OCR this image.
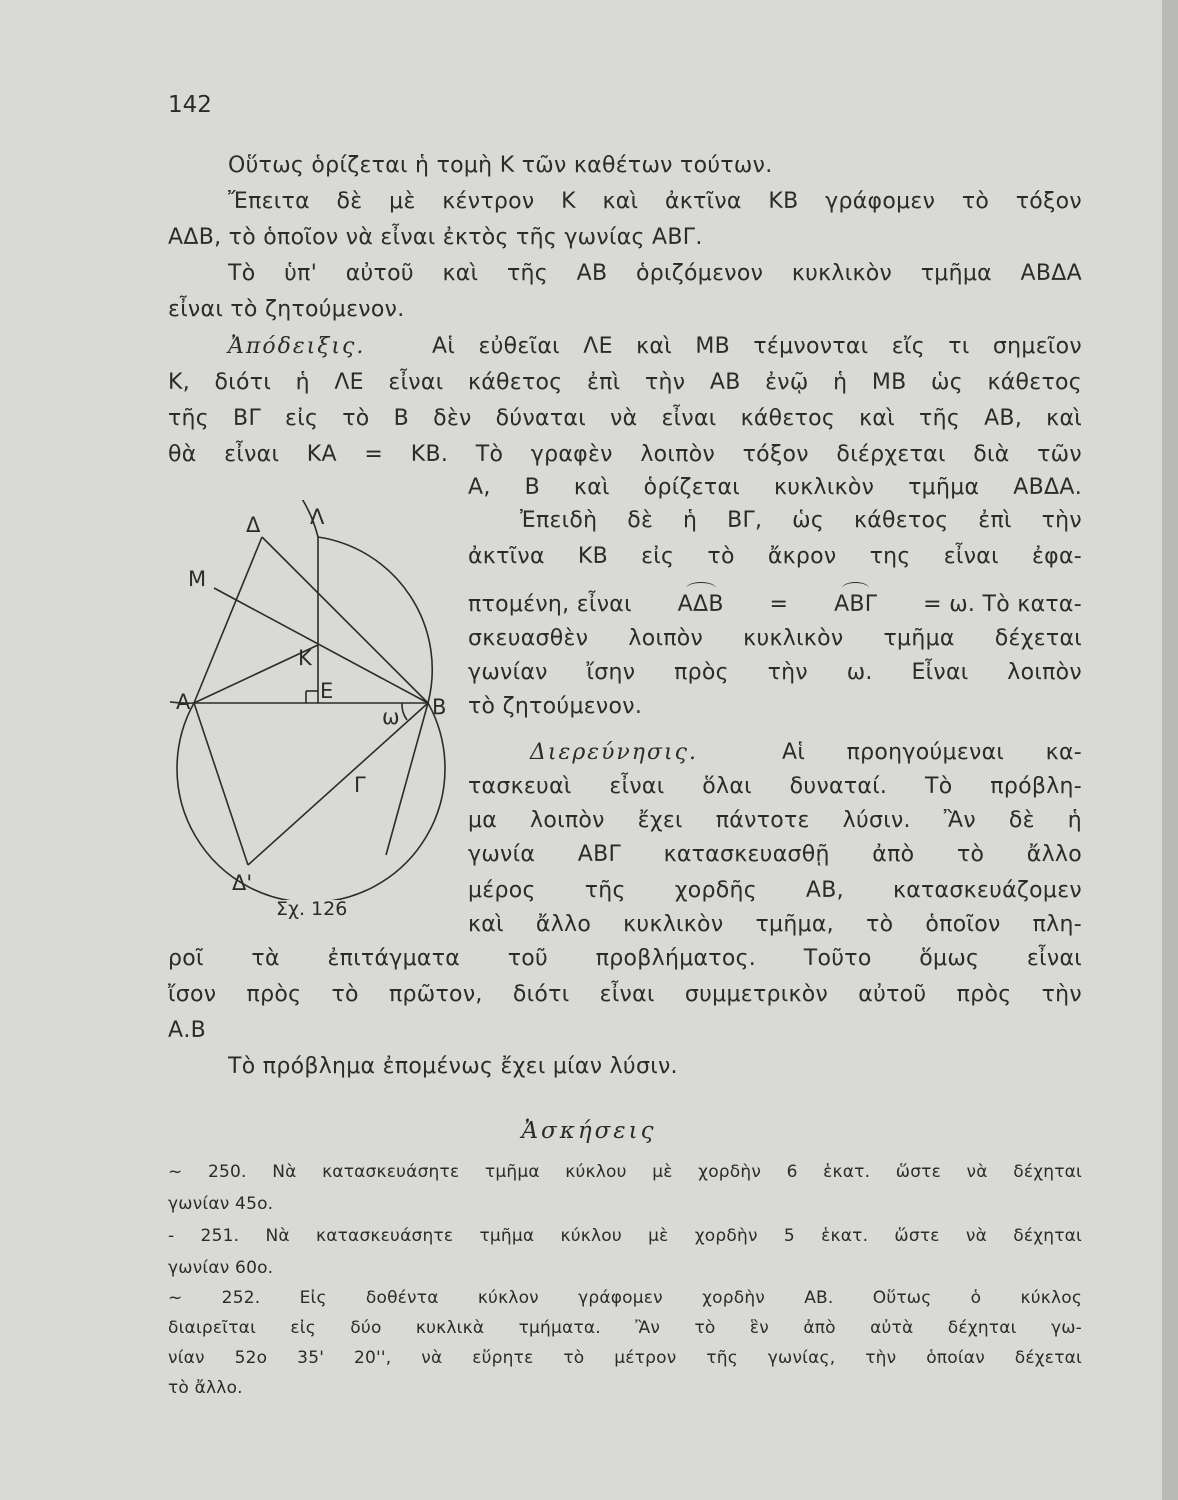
142
Οὕτως ὁρίζεται ἡ τομὴ Κ τῶν καθέτων τούτων.
Ἔπειτα δὲ μὲ κέντρον Κ καὶ ἀκτῖνα ΚΒ γράφομεν τὸ τόξον
ΑΔΒ, τὸ ὁποῖον νὰ εἶναι ἐκτὸς τῆς γωνίας ΑΒΓ.
Τὸ ὑπ' αὐτοῦ καὶ τῆς ΑΒ ὁριζόμενον κυκλικὸν τμῆμα ΑΒΔΑ
εἶναι τὸ ζητούμενον.
Ἀπόδειξις.	Αἱ εὐθεῖαι ΛΕ καὶ ΜΒ τέμνονται εἴς τι σημεῖον
Κ, διότι ἡ ΛΕ εἶναι κάθετος ἐπὶ τὴν ΑΒ ἐνῷ ἡ ΜΒ ὡς κάθετος
τῆς ΒΓ εἰς τὸ Β δὲν δύναται νὰ εἶναι κάθετος καὶ τῆς ΑΒ, καὶ
θὰ εἶναι ΚΑ = ΚΒ. Τὸ γραφὲν λοιπὸν τόξον διέρχεται διὰ τῶν
Α, Β καὶ ὁρίζεται κυκλικὸν τμῆμα ΑΒΔΑ.
Ἐπειδὴ δὲ ἡ ΒΓ, ὡς κάθετος ἐπὶ τὴν
ἀκτῖνα ΚΒ εἰς τὸ ἄκρον της εἶναι ἐφα-
πτομένη, εἶναι ΑΔΒ = ΑΒΓ = ω. Τὸ κατα-
σκευασθὲν λοιπὸν κυκλικὸν τμῆμα δέχεται
γωνίαν ἴσην πρὸς τὴν ω. Εἶναι λοιπὸν
τὸ ζητούμενον.
Διερεύνησις.	Αἱ προηγούμεναι κα-
τασκευαὶ εἶναι ὅλαι δυναταί. Τὸ πρόβλη-
μα λοιπὸν ἔχει πάντοτε λύσιν. Ἂν δὲ ἡ
γωνία ΑΒΓ κατασκευασθῇ ἀπὸ τὸ ἄλλο
μέρος τῆς χορδῆς ΑΒ, κατασκευάζομεν
καὶ ἄλλο κυκλικὸν τμῆμα, τὸ ὁποῖον πλη-
ροῖ τὰ ἐπιτάγματα τοῦ προβλήματος. Τοῦτο ὅμως εἶναι
ἴσον πρὸς τὸ πρῶτον, διότι εἶναι συμμετρικὸν αὐτοῦ πρὸς τὴν
Α.Β
Τὸ πρόβλημα ἐπομένως ἔχει μίαν λύσιν.
Δ Λ
Μ
Κ
Α	Ε
ω Β
Γ
Δ'
Σχ. 126
Ἀσκήσεις
~ 250. Νὰ κατασκευάσητε τμῆμα κύκλου μὲ χορδὴν 6 ἑκατ. ὥστε νὰ δέχηται
γωνίαν 45ο.
- 251. Νὰ κατασκευάσητε τμῆμα κύκλου μὲ χορδὴν 5 ἑκατ. ὥστε νὰ δέχηται
γωνίαν 60ο.
~ 252. Εἰς δοθέντα κύκλον γράφομεν χορδὴν ΑΒ. Οὕτως ὁ κύκλος
διαιρεῖται εἰς δύο κυκλικὰ τμήματα. Ἂν τὸ ἓν ἀπὸ αὐτὰ δέχηται γω-
νίαν 52ο 35' 20'', νὰ εὕρητε τὸ μέτρον τῆς γωνίας, τὴν ὁποίαν δέχεται
τὸ ἄλλο.
